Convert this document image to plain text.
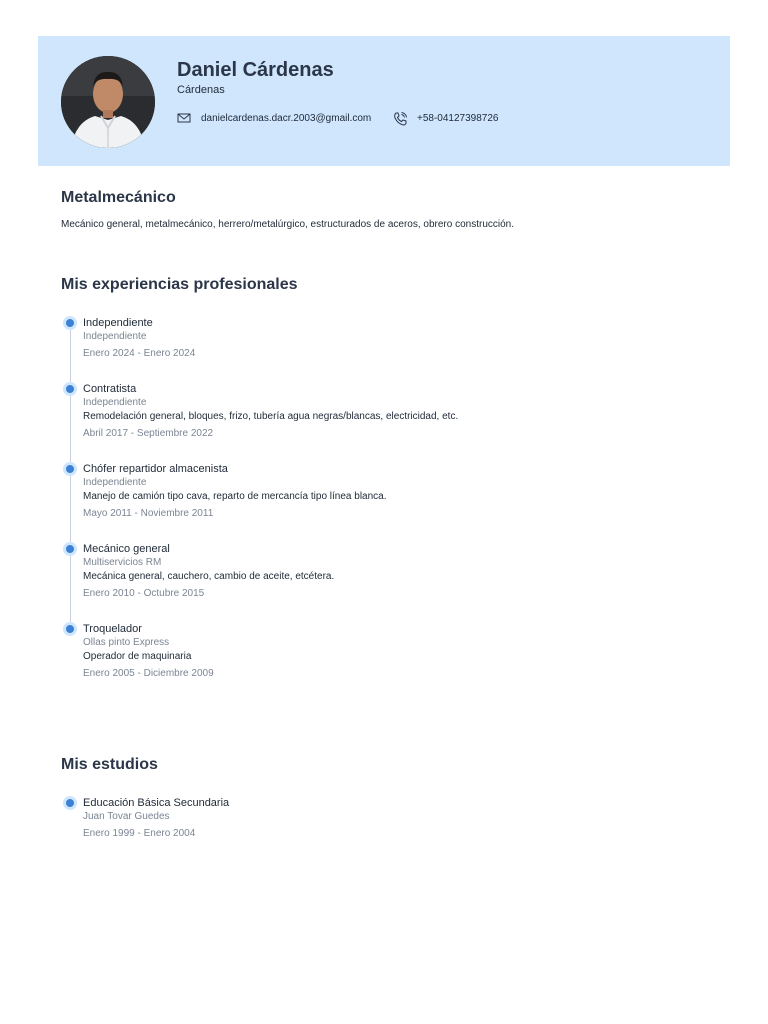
Daniel Cárdenas
Cárdenas
danielcardenas.dacr.2003@gmail.com	+58-04127398726
Metalmecánico
Mecánico general, metalmecánico, herrero/metalúrgico, estructurados de aceros, obrero construcción.
Mis experiencias profesionales
Independiente
Independiente
Enero 2024 - Enero 2024
Contratista
Independiente
Remodelación general, bloques, frizo, tubería agua negras/blancas, electricidad, etc.
Abril 2017 - Septiembre 2022
Chófer repartidor almacenista
Independiente
Manejo de camión tipo cava, reparto de mercancía tipo línea blanca.
Mayo 2011 - Noviembre 2011
Mecánico general
Multiservicios RM
Mecánica general, cauchero, cambio de aceite, etcétera.
Enero 2010 - Octubre 2015
Troquelador
Ollas pinto Express
Operador de maquinaria
Enero 2005 - Diciembre 2009
Mis estudios
Educación Básica Secundaria
Juan Tovar Guedes
Enero 1999 - Enero 2004
